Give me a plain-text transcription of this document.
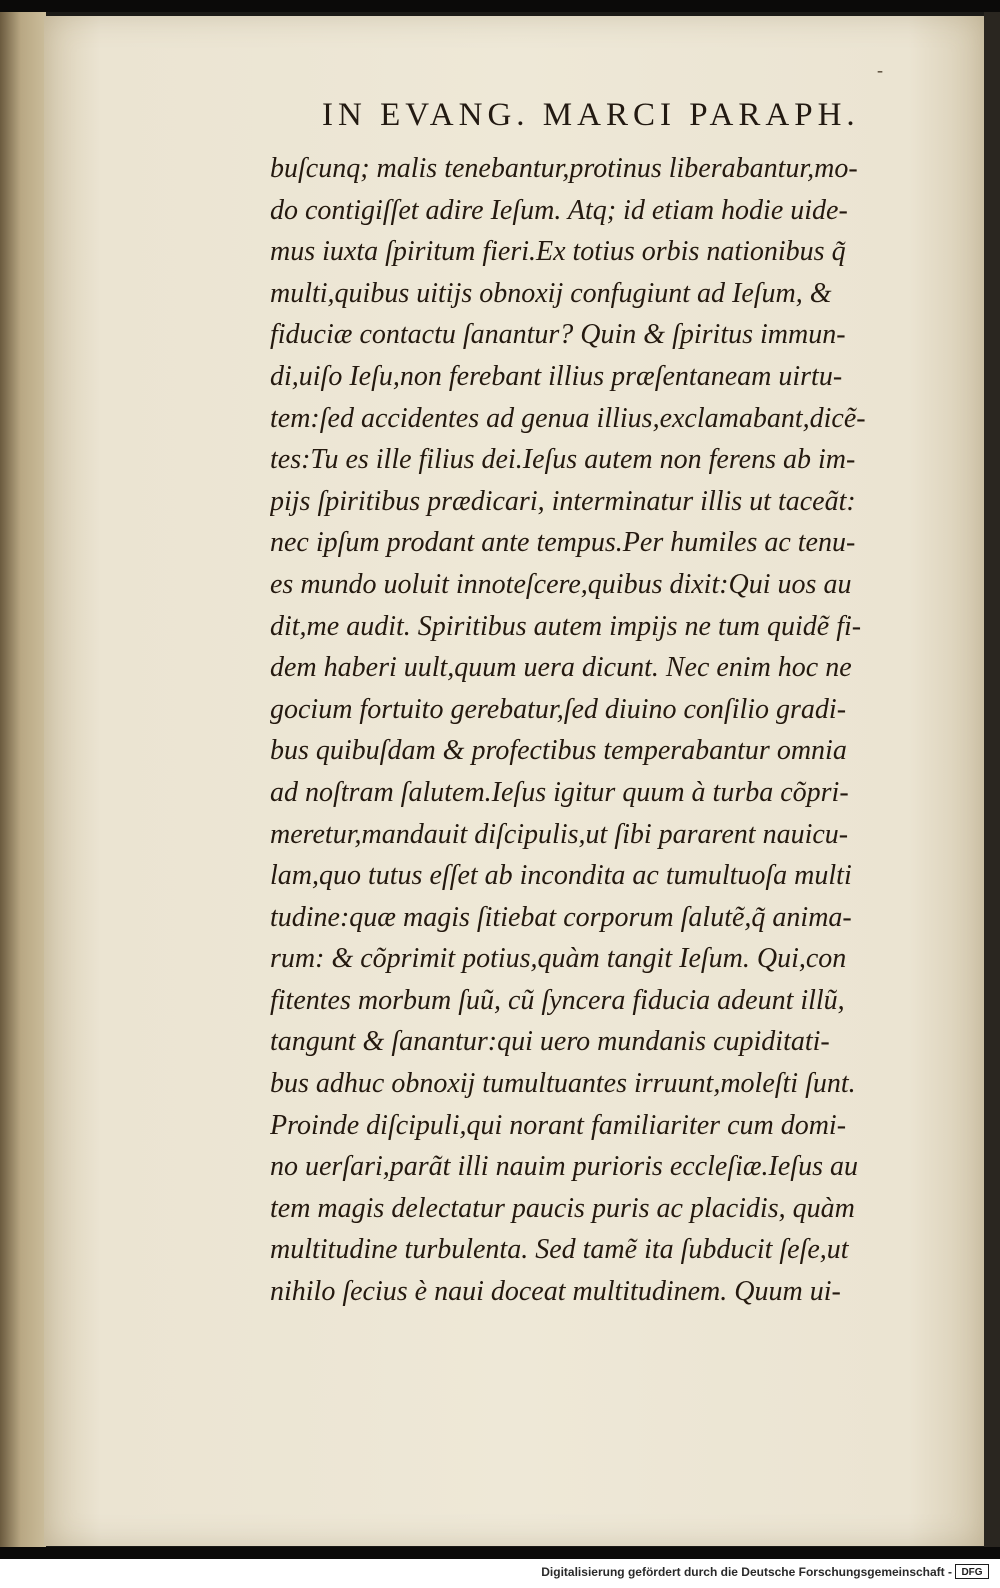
-
IN EVANG. MARCI PARAPH.
buſcunq; malis tenebantur,protinus liberabantur,mo-
do contigiſſet adire Ieſum. Atq; id etiam hodie uide-
mus iuxta ſpiritum fieri.Ex totius orbis nationibus q̃
multi,quibus uitijs obnoxij confugiunt ad Ieſum, &
fiduciæ contactu ſanantur? Quin & ſpiritus immun-
di,uiſo Ieſu,non ferebant illius præſentaneam uirtu-
tem:ſed accidentes ad genua illius,exclamabant,dicẽ-
tes:Tu es ille filius dei.Ieſus autem non ferens ab im-
pijs ſpiritibus prædicari, interminatur illis ut taceãt:
nec ipſum prodant ante tempus.Per humiles ac tenu-
es mundo uoluit innoteſcere,quibus dixit:Qui uos au
dit,me audit. Spiritibus autem impijs ne tum quidẽ fi-
dem haberi uult,quum uera dicunt. Nec enim hoc ne
gocium fortuito gerebatur,ſed diuino conſilio gradi-
bus quibuſdam & profectibus temperabantur omnia
ad noſtram ſalutem.Ieſus igitur quum à turba cõpri-
meretur,mandauit diſcipulis,ut ſibi pararent nauicu-
lam,quo tutus eſſet ab incondita ac tumultuoſa multi
tudine:quæ magis ſitiebat corporum ſalutẽ,q̃ anima-
rum: & cõprimit potius,quàm tangit Ieſum. Qui,con
fitentes morbum ſuũ, cũ ſyncera fiducia adeunt illũ,
tangunt & ſanantur:qui uero mundanis cupiditati-
bus adhuc obnoxij tumultuantes irruunt,moleſti ſunt.
Proinde diſcipuli,qui norant familiariter cum domi-
no uerſari,parãt illi nauim purioris eccleſiæ.Ieſus au
tem magis delectatur paucis puris ac placidis, quàm
multitudine turbulenta. Sed tamẽ ita ſubducit ſeſe,ut
nihilo ſecius è naui doceat multitudinem. Quum ui-
Digitalisierung gefördert durch die Deutsche Forschungsgemeinschaft - DFG
